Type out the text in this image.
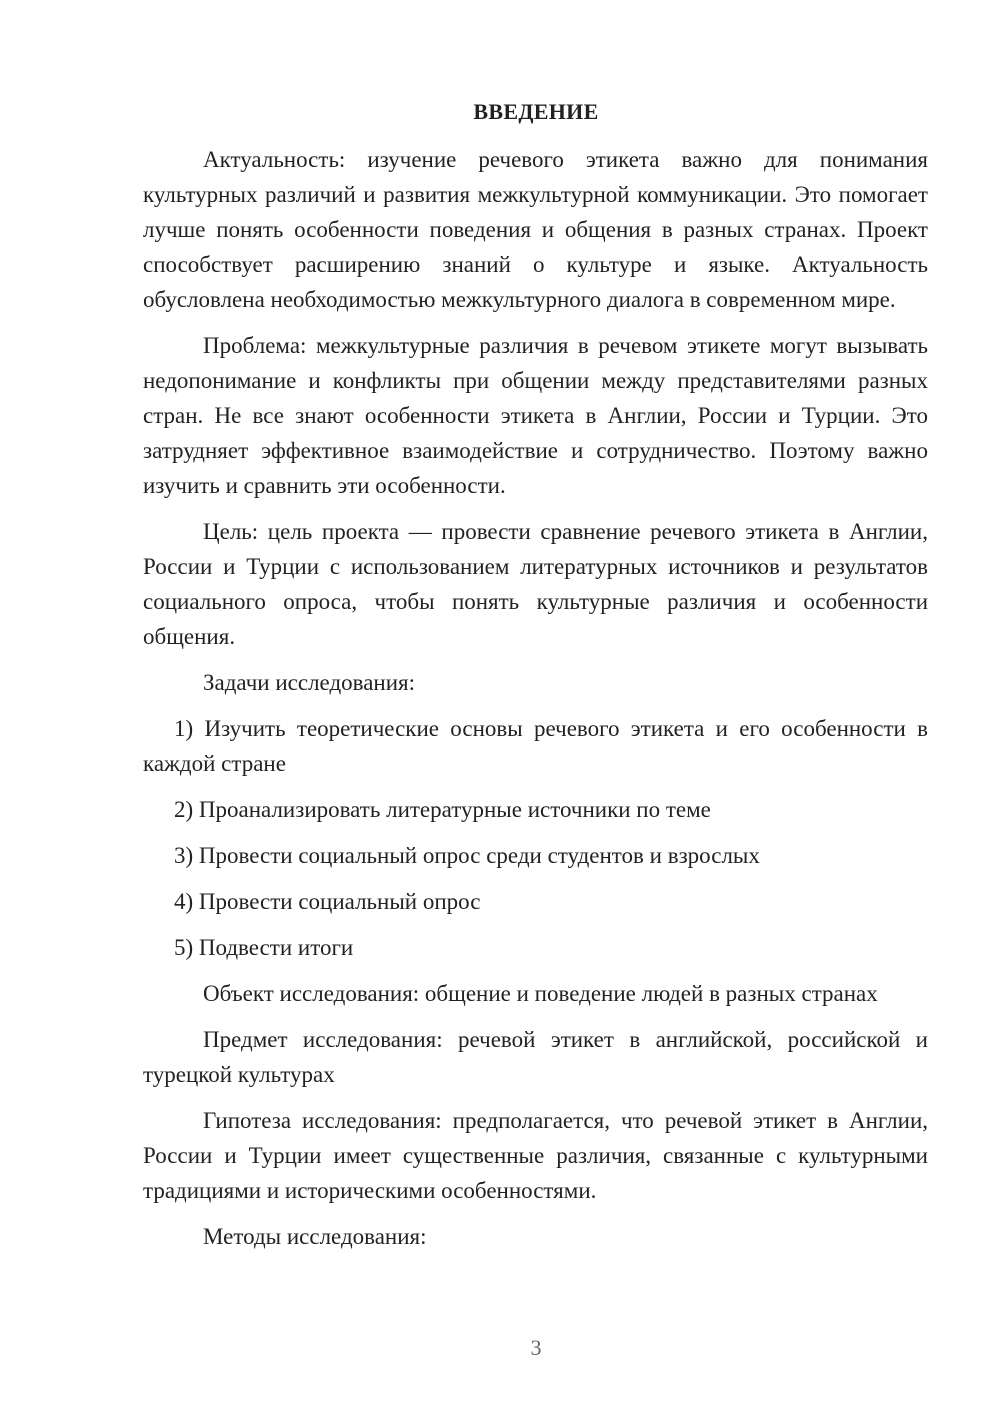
ВВЕДЕНИЕ

Актуальность: изучение речевого этикета важно для понимания культурных различий и развития межкультурной коммуникации. Это помогает лучше понять особенности поведения и общения в разных странах. Проект способствует расширению знаний о культуре и языке. Актуальность обусловлена необходимостью межкультурного диалога в современном мире.

Проблема: межкультурные различия в речевом этикете могут вызывать недопонимание и конфликты при общении между представителями разных стран. Не все знают особенности этикета в Англии, России и Турции. Это затрудняет эффективное взаимодействие и сотрудничество. Поэтому важно изучить и сравнить эти особенности.

Цель: цель проекта — провести сравнение речевого этикета в Англии, России и Турции с использованием литературных источников и результатов социального опроса, чтобы понять культурные различия и особенности общения.

Задачи исследования:

1) Изучить теоретические основы речевого этикета и его особенности в каждой стране

2) Проанализировать литературные источники по теме

3) Провести социальный опрос среди студентов и взрослых

4) Провести социальный опрос

5) Подвести итоги

Объект исследования: общение и поведение людей в разных странах

Предмет исследования: речевой этикет в английской, российской и турецкой культурах

Гипотеза исследования: предполагается, что речевой этикет в Англии, России и Турции имеет существенные различия, связанные с культурными традициями и историческими особенностями.

Методы исследования:

3
